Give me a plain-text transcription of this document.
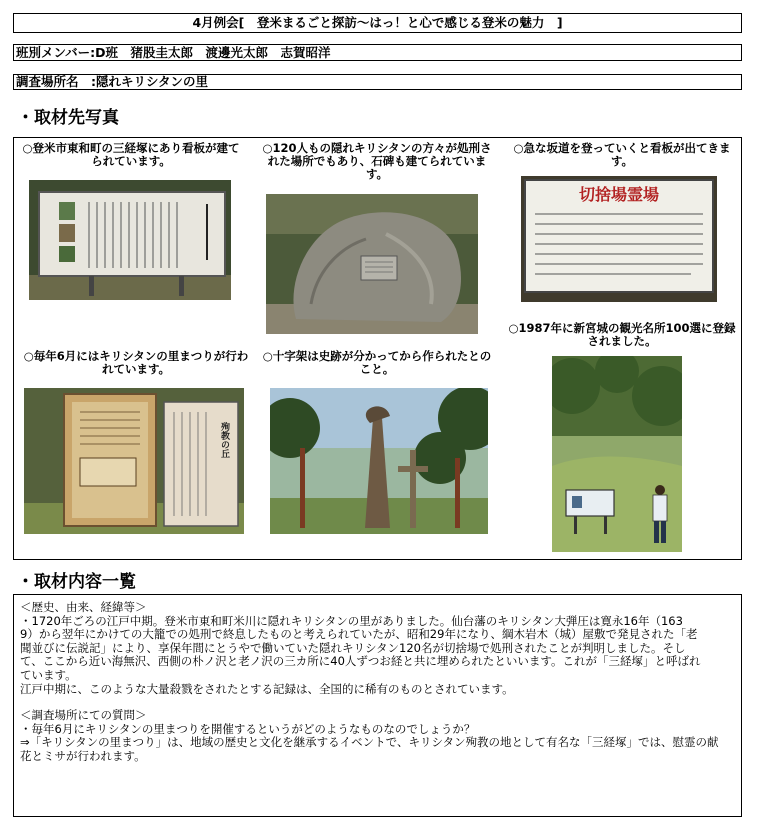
4月例会[　登米まるごと探訪～はっ！と心で感じる登米の魅力　]
班別メンバー:D班　猪股圭太郎　渡邊光太郎　志賀昭洋
調査場所名　:隠れキリシタンの里
・取材先写真
○登米市東和町の三経塚にあり看板が建てられています。
○120人もの隠れキリシタンの方々が処刑された場所でもあり、石碑も建てられています。
○急な坂道を登っていくと看板が出てきます。
切捨場霊場
○毎年6月にはキリシタンの里まつりが行われています。
○十字架は史跡が分かってから作られたとのこと。
○1987年に新宮城の観光名所100選に登録されました。
殉教の丘
・取材内容一覧

＜歴史、由来、経緯等＞

・1720年ごろの江戸中期。登米市東和町米川に隠れキリシタンの里がありました。仙台藩のキリシタン大弾圧は寛永16年（163

9）から翌年にかけての大籠での処刑で終息したものと考えられていたが、昭和29年になり、綱木岩木（城）屋敷で発見された「老

聞並びに伝説記」により、享保年間にとうやで働いていた隠れキリシタン120名が切捨場で処刑されたことが判明しました。そし

て、ここから近い海無沢、西側の朴ノ沢と老ノ沢の三カ所に40人ずつお経と共に埋められたといいます。これが「三経塚」と呼ばれ

ています。

江戸中期に、このような大量殺戮をされたとする記録は、全国的に稀有のものとされています。

＜調査場所にての質問＞

・毎年6月にキリシタンの里まつりを開催するというがどのようなものなのでしょうか？

⇒「キリシタンの里まつり」は、地域の歴史と文化を継承するイベントで、キリシタン殉教の地として有名な「三経塚」では、慰霊の献

花とミサが行われます。
